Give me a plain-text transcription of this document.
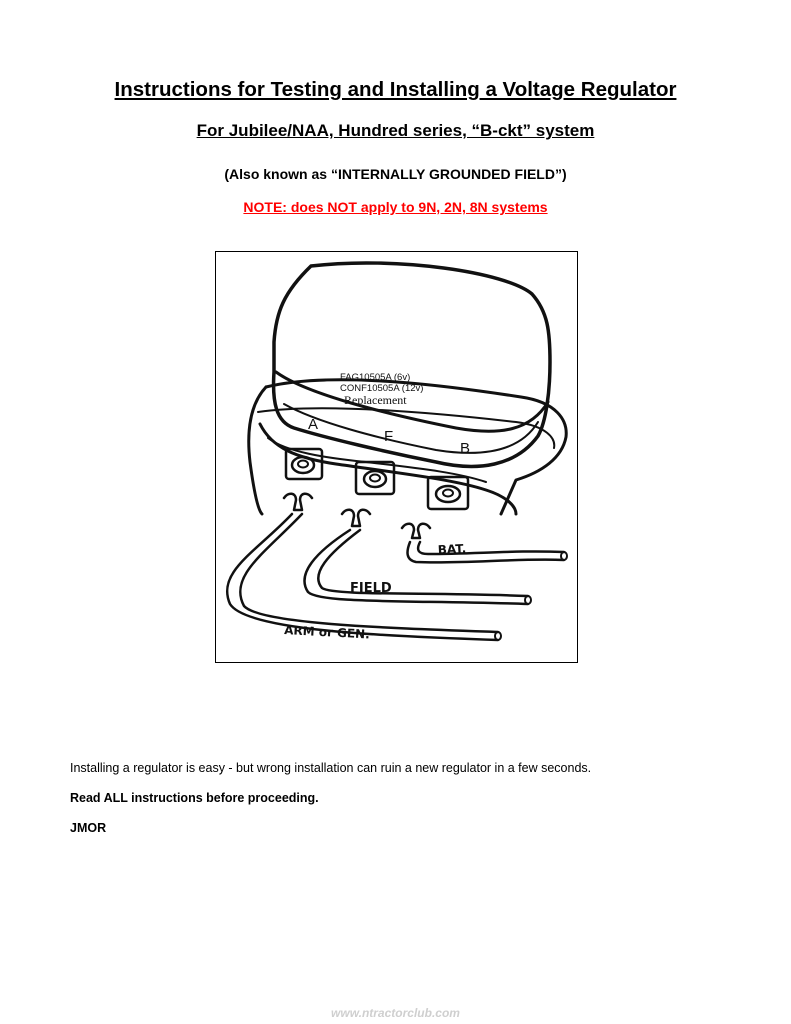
Instructions for Testing and Installing a Voltage Regulator
For Jubilee/NAA, Hundred series, “B-ckt” system
(Also known as “INTERNALLY GROUNDED FIELD”)
NOTE: does NOT apply to 9N, 2N, 8N systems
FAG10505A (6v)
CONF10505A (12v)
Replacement
A
F
B
BAT.
FIELD
ARM or GEN.
Installing a regulator is easy - but wrong installation can ruin a new regulator in a few seconds.
Read ALL instructions before proceeding.
JMOR
www.ntractorclub.com
